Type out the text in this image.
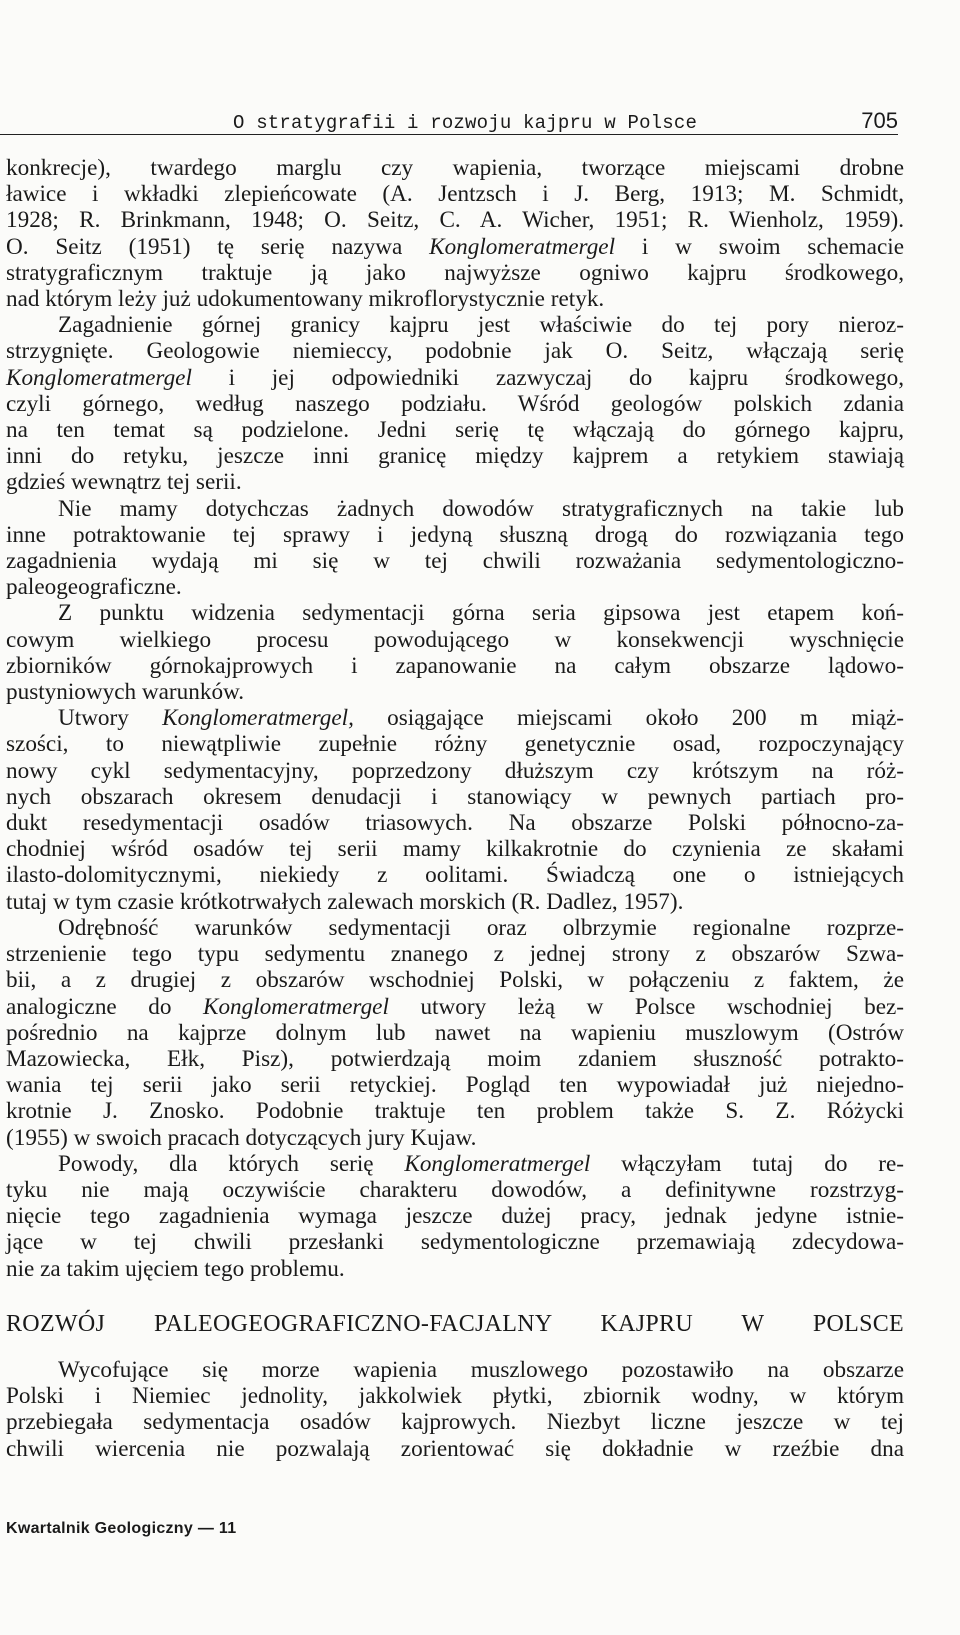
O stratygrafii i rozwoju kajpru w Polsce	705
konkrecje), twardego marglu czy wapienia, tworzące miejscami drobne
ławice i wkładki zlepieńcowate (A. Jentzsch i J. Berg, 1913; M. Schmidt,
1928; R. Brinkmann, 1948; O. Seitz, C. A. Wicher, 1951; R. Wienholz, 1959).
O. Seitz (1951) tę serię nazywa Konglomeratmergel i w swoim schemacie
stratygraficznym traktuje ją jako najwyższe ogniwo kajpru środkowego,
nad którym leży już udokumentowany mikroflorystycznie retyk.
Zagadnienie górnej granicy kajpru jest właściwie do tej pory nieroz-
strzygnięte. Geologowie niemieccy, podobnie jak O. Seitz, włączają serię
Konglomeratmergel i jej odpowiedniki zazwyczaj do kajpru środkowego,
czyli górnego, według naszego podziału. Wśród geologów polskich zdania
na ten temat są podzielone. Jedni serię tę włączają do górnego kajpru,
inni do retyku, jeszcze inni granicę między kajprem a retykiem stawiają
gdzieś wewnątrz tej serii.
Nie mamy dotychczas żadnych dowodów stratygraficznych na takie lub
inne potraktowanie tej sprawy i jedyną słuszną drogą do rozwiązania tego
zagadnienia wydają mi się w tej chwili rozważania sedymentologiczno-
paleogeograficzne.
Z punktu widzenia sedymentacji górna seria gipsowa jest etapem koń-
cowym wielkiego procesu powodującego w konsekwencji wyschnięcie
zbiorników górnokajprowych i zapanowanie na całym obszarze lądowo-
pustyniowych warunków.
Utwory Konglomeratmergel, osiągające miejscami około 200 m miąż-
szości, to niewątpliwie zupełnie różny genetycznie osad, rozpoczynający
nowy cykl sedymentacyjny, poprzedzony dłuższym czy krótszym na róż-
nych obszarach okresem denudacji i stanowiący w pewnych partiach pro-
dukt resedymentacji osadów triasowych. Na obszarze Polski północno-za-
chodniej wśród osadów tej serii mamy kilkakrotnie do czynienia ze skałami
ilasto-dolomitycznymi, niekiedy z oolitami. Świadczą one o istniejących
tutaj w tym czasie krótkotrwałych zalewach morskich (R. Dadlez, 1957).
Odrębność warunków sedymentacji oraz olbrzymie regionalne rozprze-
strzenienie tego typu sedymentu znanego z jednej strony z obszarów Szwa-
bii, a z drugiej z obszarów wschodniej Polski, w połączeniu z faktem, że
analogiczne do Konglomeratmergel utwory leżą w Polsce wschodniej bez-
pośrednio na kajprze dolnym lub nawet na wapieniu muszlowym (Ostrów
Mazowiecka, Ełk, Pisz), potwierdzają moim zdaniem słuszność potrakto-
wania tej serii jako serii retyckiej. Pogląd ten wypowiadał już niejedno-
krotnie J. Znosko. Podobnie traktuje ten problem także S. Z. Różycki
(1955) w swoich pracach dotyczących jury Kujaw.
Powody, dla których serię Konglomeratmergel włączyłam tutaj do re-
tyku nie mają oczywiście charakteru dowodów, a definitywne rozstrzyg-
nięcie tego zagadnienia wymaga jeszcze dużej pracy, jednak jedyne istnie-
jące w tej chwili przesłanki sedymentologiczne przemawiają zdecydowa-
nie za takim ujęciem tego problemu.
ROZWÓJ PALEOGEOGRAFICZNO-FACJALNY KAJPRU W POLSCE
Wycofujące się morze wapienia muszlowego pozostawiło na obszarze
Polski i Niemiec jednolity, jakkolwiek płytki, zbiornik wodny, w którym
przebiegała sedymentacja osadów kajprowych. Niezbyt liczne jeszcze w tej
chwili wiercenia nie pozwalają zorientować się dokładnie w rzeźbie dna
Kwartalnik Geologiczny — 11
